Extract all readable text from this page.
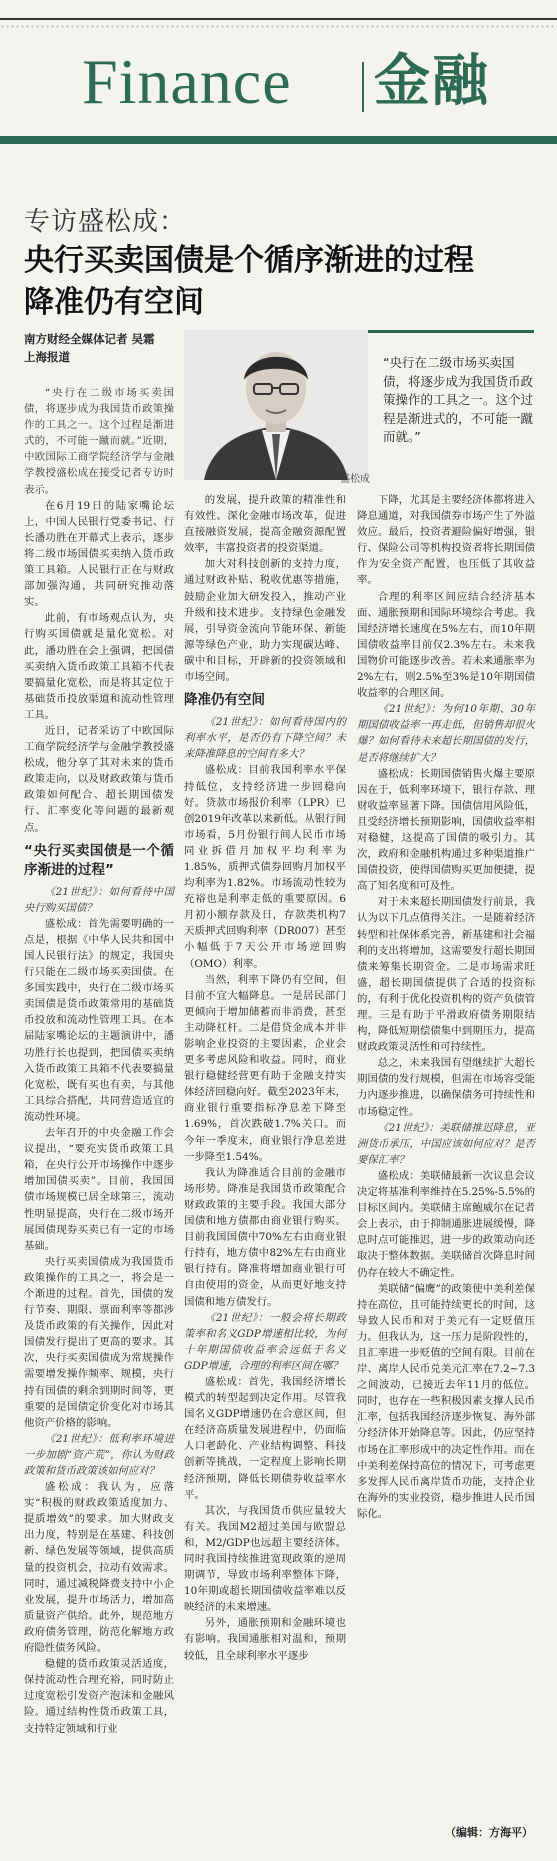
Finance 金融
专访盛松成：
央行买卖国债是个循序渐进的过程
降准仍有空间
南方财经全媒体记者 吴霜
上海报道
盛松成
“央行在二级市场买卖国债，将逐步成为我国货币政策操作的工具之一。这个过程是渐进式的，不可能一蹴而就。”

“央行在二级市场买卖国债，将逐步成为我国货币政策操作的工具之一。这个过程是渐进式的，不可能一蹴而就。”近期，中欧国际工商学院经济学与金融学教授盛松成在接受记者专访时表示。

在6月19日的陆家嘴论坛上，中国人民银行党委书记、行长潘功胜在开幕式上表示，逐步将二级市场国债买卖纳入货币政策工具箱。人民银行正在与财政部加强沟通，共同研究推动落实。

此前，有市场观点认为，央行购买国债就是量化宽松。对此，潘功胜在会上强调，把国债买卖纳入货币政策工具箱不代表要搞量化宽松，而是将其定位于基础货币投放渠道和流动性管理工具。

近日，记者采访了中欧国际工商学院经济学与金融学教授盛松成，他分享了其对未来的货币政策走向，以及财政政策与货币政策如何配合、超长期国债发行、汇率变化等问题的最新观点。

“央行买卖国债是一个循序渐进的过程”

《21世纪》：如何看待中国央行购买国债？

盛松成：首先需要明确的一点是，根据《中华人民共和国中国人民银行法》的规定，我国央行只能在二级市场买卖国债。在多国实践中，央行在二级市场买卖国债是货币政策常用的基础货币投放和流动性管理工具。在本届陆家嘴论坛的主题演讲中，潘功胜行长也提到，把国债买卖纳入货币政策工具箱不代表要搞量化宽松，既有买也有卖，与其他工具综合搭配，共同营造适宜的流动性环境。

去年召开的中央金融工作会议提出，“要充实货币政策工具箱，在央行公开市场操作中逐步增加国债买卖”。目前，我国国债市场规模已居全球第三，流动性明显提高，央行在二级市场开展国债现券买卖已有一定的市场基础。

央行买卖国债成为我国货币政策操作的工具之一，将会是一个渐进的过程。首先，国债的发行节奏、期限、票面利率等都涉及货币政策的有关操作，因此对国债发行提出了更高的要求。其次，央行买卖国债成为常规操作需要增发操作频率、规模，央行持有国债的剩余到期时间等，更重要的是国债定价变化对市场其他资产价格的影响。

《21世纪》：低利率环境进一步加剧“资产荒”，你认为财政政策和货币政策该如何应对？

盛松成：我认为，应落实“积极的财政政策适度加力、提质增效”的要求。加大财政支出力度，特别是在基建、科技创新、绿色发展等领域，提供高质量的投资机会，拉动有效需求。同时，通过减税降费支持中小企业发展，提升市场活力，增加高质量资产供给。此外，规范地方政府债务管理，防范化解地方政府隐性债务风险。

稳健的货币政策灵活适度，保持流动性合理充裕，同时防止过度宽松引发资产泡沫和金融风险。通过结构性货币政策工具，支持特定领域和行业

的发展，提升政策的精准性和有效性。深化金融市场改革，促进直接融资发展，提高金融资源配置效率，丰富投资者的投资渠道。

加大对科技创新的支持力度，通过财政补贴、税收优惠等措施，鼓励企业加大研发投入，推动产业升级和技术进步。支持绿色金融发展，引导资金流向节能环保、新能源等绿色产业，助力实现碳达峰、碳中和目标，开辟新的投资领域和市场空间。

降准仍有空间

《21世纪》：如何看待国内的利率水平，是否仍有下降空间？未来降准降息的空间有多大？

盛松成：目前我国利率水平保持低位，支持经济进一步回稳向好。贷款市场报价利率（LPR）已创2019年改革以来新低。从银行间市场看，5月份银行间人民币市场同业拆借月加权平均利率为1.85%，质押式债券回购月加权平均利率为1.82%。市场流动性较为充裕也是利率走低的重要原因。6月初小额存款及日，存款类机构7天质押式回购利率（DR007）甚至小幅低于7天公开市场逆回购（OMO）利率。

当然，利率下降仍有空间，但目前不宜大幅降息。一是居民部门更倾向于增加储蓄而非消费，甚至主动降杠杆。二是借贷金成本并非影响企业投资的主要因素，企业会更多考虑风险和收益。同时，商业银行稳健经营更有助于金融支持实体经济回稳向好。截至2023年末，商业银行重要指标净息差下降至1.69%，首次跌破1.7%关口。而今年一季度末，商业银行净息差进一步降至1.54%。

我认为降准适合目前的金融市场形势。降准是我国货币政策配合财政政策的主要手段。我国大部分国债和地方债都由商业银行购买。目前我国国债中70%左右由商业银行持有，地方债中82%左右由商业银行持有。降准将增加商业银行可自由使用的资金，从而更好地支持国债和地方债发行。

《21世纪》：一般会将长期政策率和名义GDP增速相比较，为何十年期国债收益率会远低于名义GDP增速，合理的利率区间在哪？

盛松成：首先，我国经济增长模式的转型起到决定作用。尽管我国名义GDP增速仍在合意区间，但在经济高质量发展进程中，仍面临人口老龄化、产业结构调整、科技创新等挑战，一定程度上影响长期经济预期，降低长期债券收益率水平。

其次，与我国货币供应量较大有关。我国M2超过美国与欧盟总和，M2/GDP也远超主要经济体。同时我国持续推进宽现政策的逆周期调节，导致市场利率整体下降，10年期或超长期国债收益率难以反映经济的未来增速。

另外，通胀预期和金融环境也有影响。我国通胀相对温和，预期较低，且全球利率水平逐步

下降，尤其是主要经济体都将进入降息通道，对我国债券市场产生了外溢效应。最后，投资者避险偏好增强，银行、保险公司等机构投资者将长期国债作为安全资产配置，也压低了其收益率。

合理的利率区间应结合经济基本面、通胀预期和国际环境综合考虑。我国经济增长速度在5%左右，而10年期国债收益率目前仅2.3%左右。未来我国物价可能逐步改善。若未来通胀率为2%左右，则2.5%至3%是10年期国债收益率的合理区间。

《21世纪》：为何10年期、30年期国债收益率一再走低，但销售却很火爆？如何看待未来超长期国债的发行，是否将继续扩大？

盛松成：长期国债销售火爆主要原因在于，低利率环境下，银行存款、理财收益率显著下降。国债信用风险低，且受经济增长预期影响，国债收益率相对稳健，这提高了国债的吸引力。其次，政府和金融机构通过多种渠道推广国债投资，使得国债购买更加便捷，提高了知名度和可及性。

对于未来超长期国债发行前景，我认为以下几点值得关注。一是随着经济转型和社保体系完善，新基建和社会福利的支出将增加，这需要发行超长期国债来筹集长期资金。二是市场需求旺盛，超长期国债提供了合适的投资标的，有利于优化投资机构的资产负债管理。三是有助于平滑政府债务期限结构，降低短期偿债集中到期压力，提高财政政策灵活性和可持续性。

总之，未来我国有望继续扩大超长期国债的发行规模，但需在市场容受能力内逐步推进，以确保债务可持续性和市场稳定性。

《21世纪》：美联储推迟降息，亚洲货币承压，中国应该如何应对？是否要保汇率？

盛松成：美联储最新一次议息会议决定将基准利率维持在5.25%-5.5%的目标区间内。美联储主席鲍威尔在记者会上表示，由于抑制通胀进展缓慢，降息时点可能推迟，进一步的政策动向还取决于整体数据。美联储首次降息时间仍存在较大不确定性。

美联储“偏鹰”的政策使中美利差保持在高位，且可能持续更长的时间，这导致人民币和对于美元有一定贬值压力。但我认为，这一压力是阶段性的，且汇率进一步贬值的空间有限。目前在岸、离岸人民币兑美元汇率在7.2~7.3之间波动，已接近去年11月的低位。同时，也存在一些积极因素支撑人民币汇率，包括我国经济逐步恢复、海外部分经济体开始降息等。因此，仍应坚持市场在汇率形成中的决定性作用。而在中美利差保持高位的情况下，可考虑更多发挥人民币离岸货币功能，支持企业在海外的实业投资，稳步推进人民币国际化。

（编辑：方海平）
